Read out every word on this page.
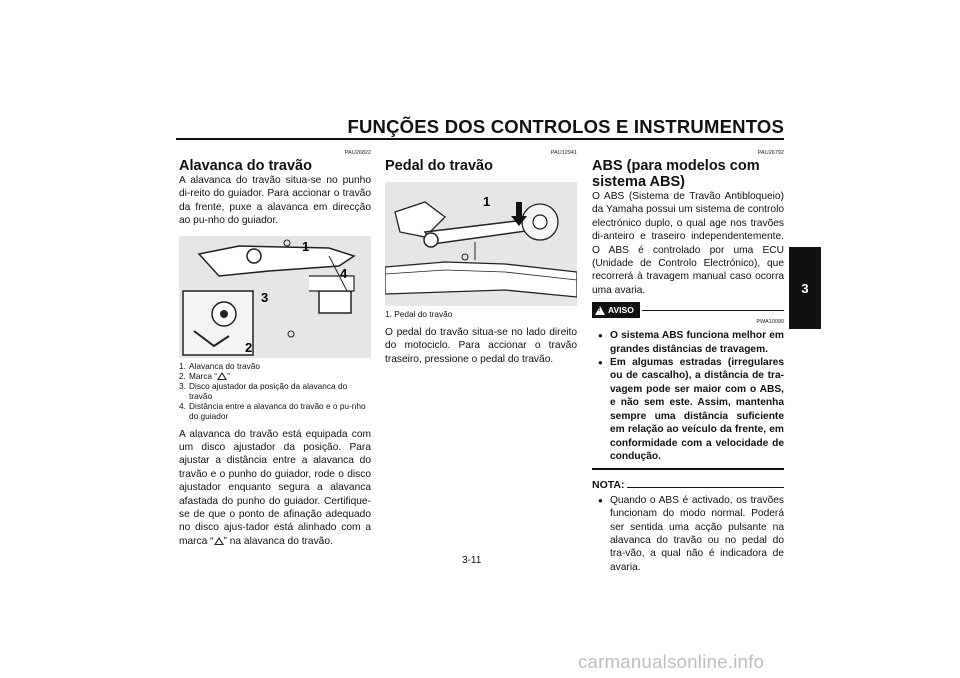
FUNÇÕES DOS CONTROLOS E INSTRUMENTOS
3
PAU26822
Alavanca do travão

A alavanca do travão situa-se no punho di-reito do guiador. Para accionar o travão da frente, puxe a alavanca em direcção ao pu-nho do guiador.

1
4
3
2
1. Alavanca do travão
2. Marca “ ”
3. Disco ajustador da posição da alavanca do travão
4. Distância entre a alavanca do travão e o pu-nho do guiador

A alavanca do travão está equipada com um disco ajustador da posição. Para ajustar a distância entre a alavanca do travão e o punho do guiador, rode o disco ajustador enquanto segura a alavanca afastada do punho do guiador. Certifique-se de que o ponto de afinação adequado no disco ajus-tador está alinhado com a marca “ ” na alavanca do travão.

PAU12941
Pedal do travão
1
1. Pedal do travão

O pedal do travão situa-se no lado direito do motociclo. Para accionar o travão traseiro, pressione o pedal do travão.

PAU26792
ABS (para modelos com sistema ABS)

O ABS (Sistema de Travão Antibloqueio) da Yamaha possui um sistema de controlo electrónico duplo, o qual age nos travões di-anteiro e traseiro independentemente. O ABS é controlado por uma ECU (Unidade de Controlo Electrónico), que recorrerá à travagem manual caso ocorra uma avaria.

!
AVISO
PWA10090
●
O sistema ABS funciona melhor em grandes distâncias de travagem.
●
Em algumas estradas (irregulares ou de cascalho), a distância de tra-vagem pode ser maior com o ABS, e não sem este. Assim, mantenha sempre uma distância suficiente em relação ao veículo da frente, em conformidade com a velocidade de condução.
NOTA:
●
Quando o ABS é activado, os travões funcionam do modo normal. Poderá ser sentida uma acção pulsante na alavanca do travão ou no pedal do tra-vão, a qual não é indicadora de avaria.
3-11
carmanualsonline.info
